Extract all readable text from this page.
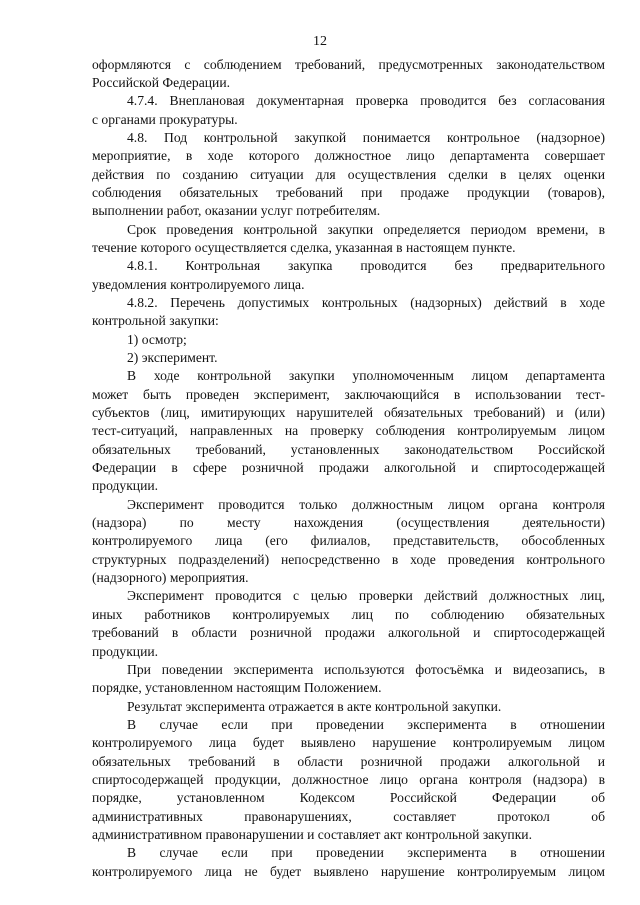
12
оформляются с соблюдением требований, предусмотренных законодательством
Российской Федерации.
4.7.4. Внеплановая документарная проверка проводится без согласования
с органами прокуратуры.
4.8. Под контрольной закупкой понимается контрольное (надзорное)
мероприятие, в ходе которого должностное лицо департамента совершает
действия по созданию ситуации для осуществления сделки в целях оценки
соблюдения обязательных требований при продаже продукции (товаров),
выполнении работ, оказании услуг потребителям.
Срок проведения контрольной закупки определяется периодом времени, в
течение которого осуществляется сделка, указанная в настоящем пункте.
4.8.1. Контрольная закупка проводится без предварительного
уведомления контролируемого лица.
4.8.2. Перечень допустимых контрольных (надзорных) действий в ходе
контрольной закупки:
1) осмотр;
2) эксперимент.
В ходе контрольной закупки уполномоченным лицом департамента
может быть проведен эксперимент, заключающийся в использовании тест-
субъектов (лиц, имитирующих нарушителей обязательных требований) и (или)
тест-ситуаций, направленных на проверку соблюдения контролируемым лицом
обязательных требований, установленных законодательством Российской
Федерации в сфере розничной продажи алкогольной и спиртосодержащей
продукции.
Эксперимент проводится только должностным лицом органа контроля
(надзора) по месту нахождения (осуществления деятельности)
контролируемого лица (его филиалов, представительств, обособленных
структурных подразделений) непосредственно в ходе проведения контрольного
(надзорного) мероприятия.
Эксперимент проводится с целью проверки действий должностных лиц,
иных работников контролируемых лиц по соблюдению обязательных
требований в области розничной продажи алкогольной и спиртосодержащей
продукции.
При поведении эксперимента используются фотосъёмка и видеозапись, в
порядке, установленном настоящим Положением.
Результат эксперимента отражается в акте контрольной закупки.
В случае если при проведении эксперимента в отношении
контролируемого лица будет выявлено нарушение контролируемым лицом
обязательных требований в области розничной продажи алкогольной и
спиртосодержащей продукции, должностное лицо органа контроля (надзора) в
порядке, установленном Кодексом Российской Федерации об
административных правонарушениях, составляет протокол об
административном правонарушении и составляет акт контрольной закупки.
В случае если при проведении эксперимента в отношении
контролируемого лица не будет выявлено нарушение контролируемым лицом
